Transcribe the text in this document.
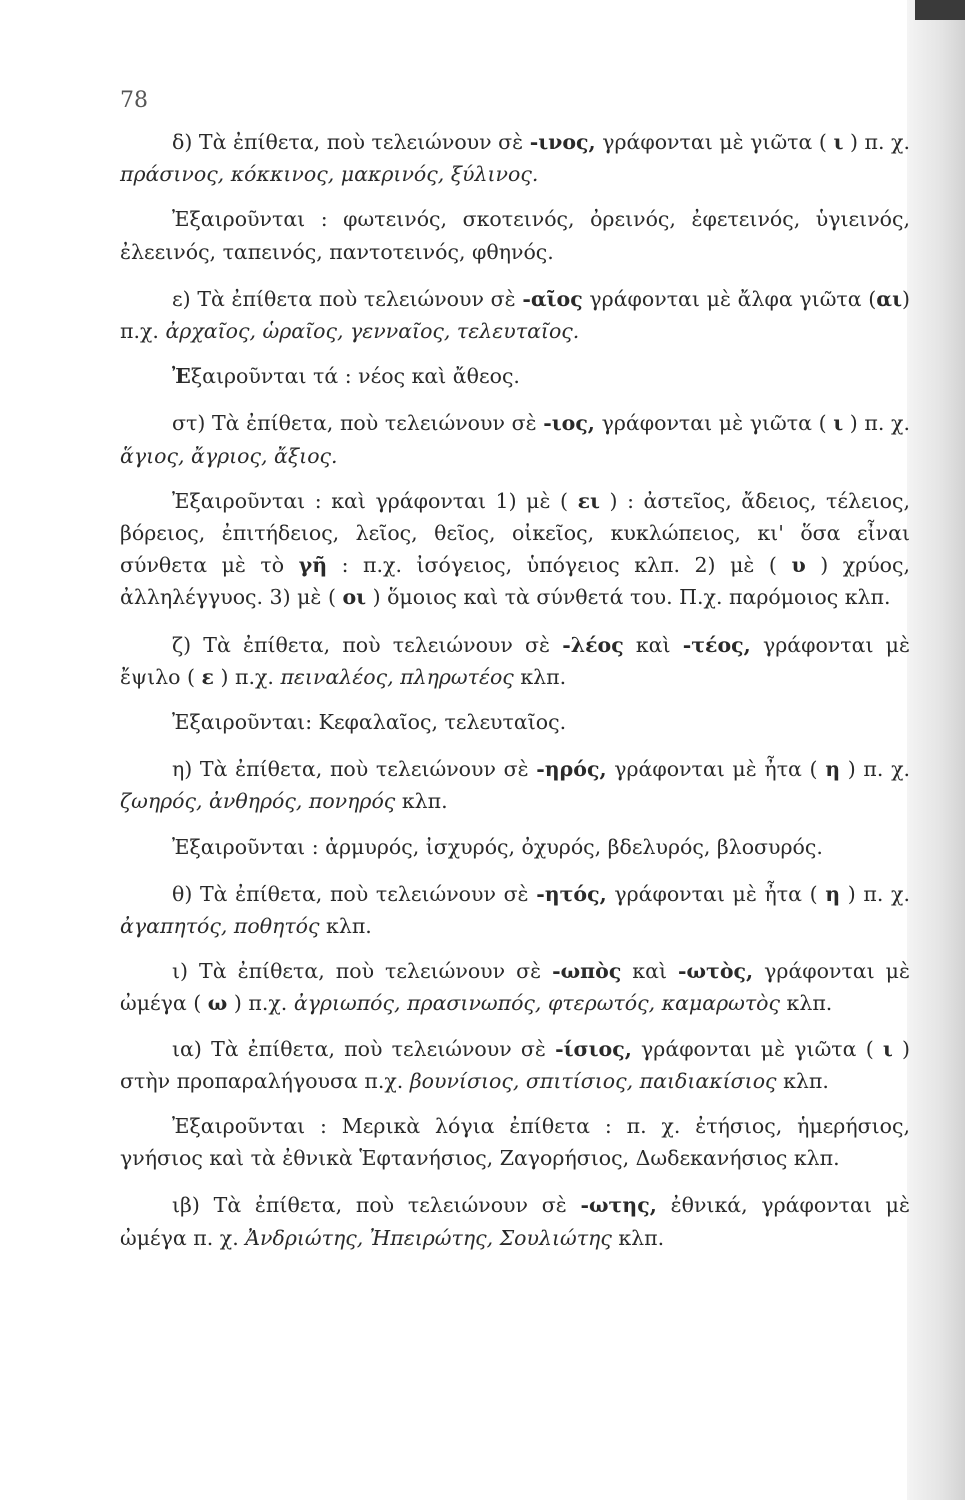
78

δ) Τὰ ἐπίθετα, ποὺ τελειώνουν σὲ -ινος, γράφονται μὲ γιῶτα ( ι ) π. χ. πράσινος, κόκκινος, μακρινός, ξύλινος.

Ἐξαιροῦνται : φωτεινός, σκοτεινός, ὀρεινός, ἐφετεινός, ὑγιεινός, ἐλεεινός, ταπεινός, παντοτεινός, φθηνός.

ε) Τὰ ἐπίθετα ποὺ τελειώνουν σὲ -αῖος γράφονται μὲ ἄλφα γιῶτα (αι) π.χ. ἀρχαῖος, ὡραῖος, γενναῖος, τελευταῖος.

Ἐξαιροῦνται τά : νέος καὶ ἄθεος.

στ) Τὰ ἐπίθετα, ποὺ τελειώνουν σὲ -ιος, γράφονται μὲ γιῶτα ( ι ) π. χ. ἅγιος, ἄγριος, ἄξιος.

Ἐξαιροῦνται : καὶ γράφονται 1) μὲ ( ει ) : ἀστεῖος, ἄδειος, τέλειος, βόρειος, ἐπιτήδειος, λεῖος, θεῖος, οἰκεῖος, κυκλώπειος, κι' ὅσα εἶναι σύνθετα μὲ τὸ γῆ : π.χ. ἰσόγειος, ὑπόγειος κλπ. 2) μὲ ( υ ) χρύος, ἀλληλέγγυος. 3) μὲ ( οι ) ὅμοιος καὶ τὰ σύνθετά του. Π.χ. παρόμοιος κλπ.

ζ) Τὰ ἐπίθετα, ποὺ τελειώνουν σὲ -λέος καὶ -τέος, γράφονται μὲ ἔψιλο ( ε ) π.χ. πειναλέος, πληρωτέος κλπ.

Ἐξαιροῦνται: Κεφαλαῖος, τελευταῖος.

η) Τὰ ἐπίθετα, ποὺ τελειώνουν σὲ -ηρός, γράφονται μὲ ἦτα ( η ) π. χ. ζωηρός, ἀνθηρός, πονηρός κλπ.

Ἐξαιροῦνται : ἁρμυρός, ἰσχυρός, ὀχυρός, βδελυρός, βλοσυρός.

θ) Τὰ ἐπίθετα, ποὺ τελειώνουν σὲ -ητός, γράφονται μὲ ἦτα ( η ) π. χ. ἀγαπητός, ποθητός κλπ.

ι) Τὰ ἐπίθετα, ποὺ τελειώνουν σὲ -ωπὸς καὶ -ωτὸς, γράφονται μὲ ὠμέγα ( ω ) π.χ. ἀγριωπός, πρασινωπός, φτερωτός, καμαρωτὸς κλπ.

ια) Τὰ ἐπίθετα, ποὺ τελειώνουν σὲ -ίσιος, γράφονται μὲ γιῶτα ( ι ) στὴν προπαραλήγουσα π.χ. βουνίσιος, σπιτίσιος, παιδιακίσιος κλπ.

Ἐξαιροῦνται : Μερικὰ λόγια ἐπίθετα : π. χ. ἐτήσιος, ἡμερήσιος, γνήσιος καὶ τὰ ἐθνικὰ Ἑφτανήσιος, Ζαγορήσιος, Δωδεκανήσιος κλπ.

ιβ) Τὰ ἐπίθετα, ποὺ τελειώνουν σὲ -ωτης, ἐθνικά, γράφονται μὲ ὠμέγα π. χ. Ἀνδριώτης, Ἠπειρώτης, Σουλιώτης κλπ.
